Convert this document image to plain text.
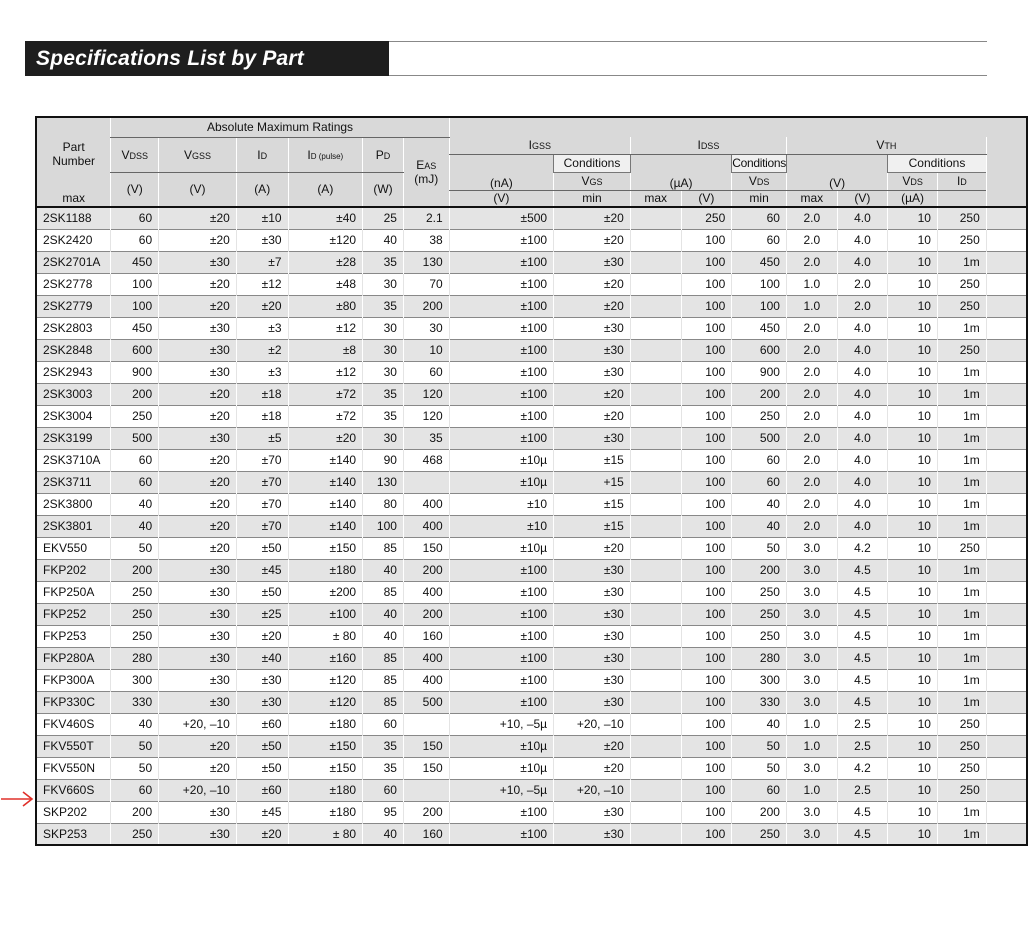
Specifications List by Part Number
Part
Number	Absolute Maximum Ratings															
	VDSS	VGSS	ID	ID (pulse)	PD	EAS	IGSS		IDSS			VTH				
								Conditions			Conditions			Conditions		
	(V)	(V)	(A)	(A)	(W)	(mJ)	(nA)	VGS	(µA)		VDS	(V)		VDS	ID	
max							(V)	min	max	(V)	min	max	(V)	(µA)		
2SK1188	60	±20	±10	±40	25	2.1	±500	±20		250	60	2.0	4.0	10	250	
2SK2420	60	±20	±30	±120	40	38	±100	±20		100	60	2.0	4.0	10	250	
2SK2701A	450	±30	±7	±28	35	130	±100	±30		100	450	2.0	4.0	10	1m	
2SK2778	100	±20	±12	±48	30	70	±100	±20		100	100	1.0	2.0	10	250	
2SK2779	100	±20	±20	±80	35	200	±100	±20		100	100	1.0	2.0	10	250	
2SK2803	450	±30	±3	±12	30	30	±100	±30		100	450	2.0	4.0	10	1m	
2SK2848	600	±30	±2	±8	30	10	±100	±30		100	600	2.0	4.0	10	250	
2SK2943	900	±30	±3	±12	30	60	±100	±30		100	900	2.0	4.0	10	1m	
2SK3003	200	±20	±18	±72	35	120	±100	±20		100	200	2.0	4.0	10	1m	
2SK3004	250	±20	±18	±72	35	120	±100	±20		100	250	2.0	4.0	10	1m	
2SK3199	500	±30	±5	±20	30	35	±100	±30		100	500	2.0	4.0	10	1m	
2SK3710A	60	±20	±70	±140	90	468	±10µ	±15		100	60	2.0	4.0	10	1m	
2SK3711	60	±20	±70	±140	130		±10µ	+15		100	60	2.0	4.0	10	1m	
2SK3800	40	±20	±70	±140	80	400	±10	±15		100	40	2.0	4.0	10	1m	
2SK3801	40	±20	±70	±140	100	400	±10	±15		100	40	2.0	4.0	10	1m	
EKV550	50	±20	±50	±150	85	150	±10µ	±20		100	50	3.0	4.2	10	250	
FKP202	200	±30	±45	±180	40	200	±100	±30		100	200	3.0	4.5	10	1m	
FKP250A	250	±30	±50	±200	85	400	±100	±30		100	250	3.0	4.5	10	1m	
FKP252	250	±30	±25	±100	40	200	±100	±30		100	250	3.0	4.5	10	1m	
FKP253	250	±30	±20	± 80	40	160	±100	±30		100	250	3.0	4.5	10	1m	
FKP280A	280	±30	±40	±160	85	400	±100	±30		100	280	3.0	4.5	10	1m	
FKP300A	300	±30	±30	±120	85	400	±100	±30		100	300	3.0	4.5	10	1m	
FKP330C	330	±30	±30	±120	85	500	±100	±30		100	330	3.0	4.5	10	1m	
FKV460S	40	+20, –10	±60	±180	60		+10, –5µ	+20, –10		100	40	1.0	2.5	10	250	
FKV550T	50	±20	±50	±150	35	150	±10µ	±20		100	50	1.0	2.5	10	250	
FKV550N	50	±20	±50	±150	35	150	±10µ	±20		100	50	3.0	4.2	10	250	
FKV660S	60	+20, –10	±60	±180	60		+10, –5µ	+20, –10		100	60	1.0	2.5	10	250	
SKP202	200	±30	±45	±180	95	200	±100	±30		100	200	3.0	4.5	10	1m	
SKP253	250	±30	±20	± 80	40	160	±100	±30		100	250	3.0	4.5	10	1m	
